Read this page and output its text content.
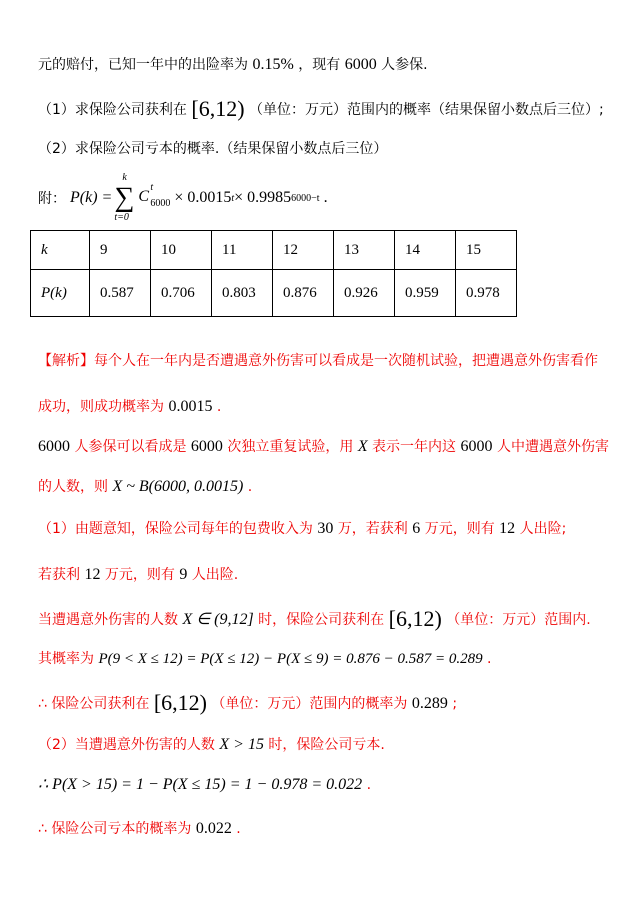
元的赔付，已知一年中的出险率为 0.15% ，现有 6000 人参保.
（1）求保险公司获利在 [6,12) （单位：万元）范围内的概率（结果保留小数点后三位）;
（2）求保险公司亏本的概率.（结果保留小数点后三位）
附： P(k) =
k
∑
t=0
C
t
6000 × 0.0015 t × 0.9985 6000−t .
k	9	10	11	12	13	14	15
P(k)	0.587	0.706	0.803	0.876	0.926	0.959	0.978
【解析】每个人在一年内是否遭遇意外伤害可以看成是一次随机试验，把遭遇意外伤害看作
成功，则成功概率为 0.0015 .
6000 人参保可以看成是 6000 次独立重复试验，用 X 表示一年内这 6000 人中遭遇意外伤害
的人数，则 X ~ B(6000, 0.0015) .
（1）由题意知，保险公司每年的包费收入为 30 万，若获利 6 万元，则有 12 人出险;
若获利 12 万元，则有 9 人出险.
当遭遇意外伤害的人数 X ∈ (9,12] 时，保险公司获利在 [6,12) （单位：万元）范围内.
其概率为 P(9 < X ≤ 12) = P(X ≤ 12) − P(X ≤ 9) = 0.876 − 0.587 = 0.289 .
∴ 保险公司获利在 [6,12) （单位：万元）范围内的概率为 0.289 ;
（2）当遭遇意外伤害的人数 X > 15 时，保险公司亏本.
∴ P(X > 15) = 1 − P(X ≤ 15) = 1 − 0.978 = 0.022 .
∴ 保险公司亏本的概率为 0.022 .
